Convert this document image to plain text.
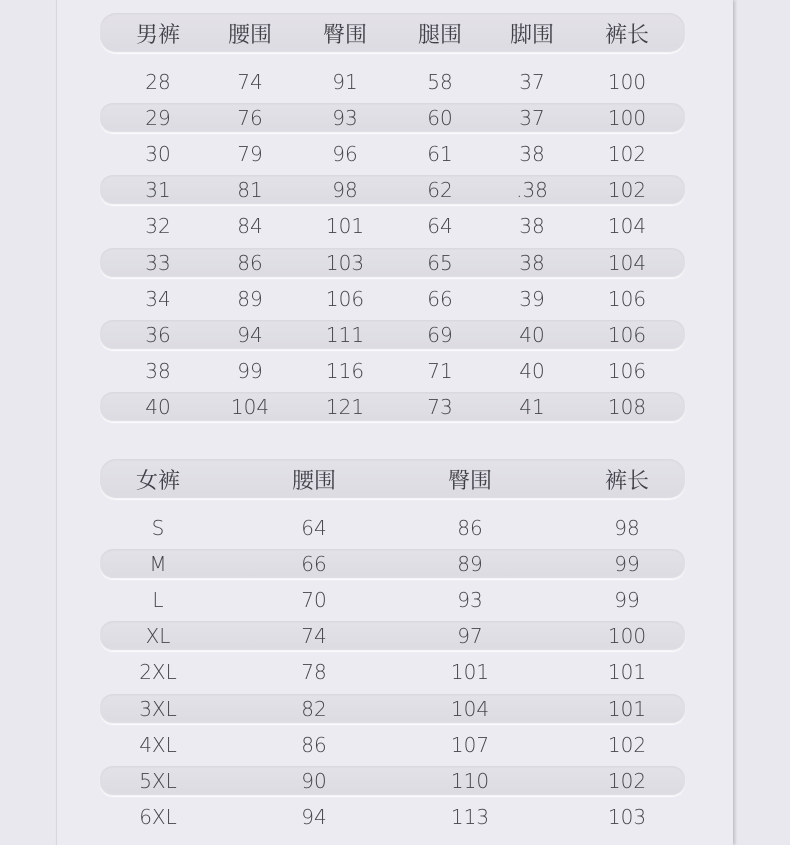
男裤 腰围 臀围 腿围 脚围 裤长
28	74	91	58	37	100
29	76	93	60	37	100
30	79	96	61	38	102
31	81	98	62	.38	102
32	84	101	64	38	104
33	86	103	65	38	104
34	89	106	66	39	106
36	94	111	69	40	106
38	99	116	71	40	106
40	104	121	73	41	108
女裤	腰围	臀围	裤长
S	64	86	98
M	66	89	99
L	70	93	99
XL	74	97	100
2XL	78	101	101
3XL	82	104	101
4XL	86	107	102
5XL	90	110	102
6XL	94	113	103
